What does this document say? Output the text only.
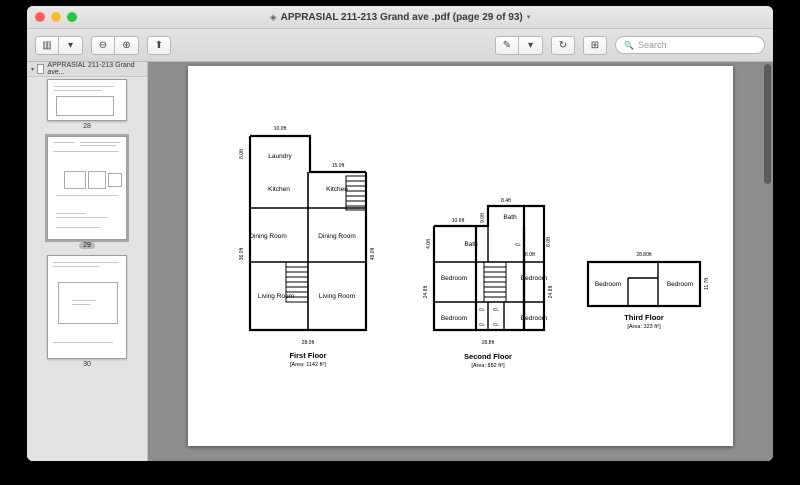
◈ APPRASIAL 211-213 Grand ave .pdf (page 29 of 93) ▾
▥	▾	⊖	⊕	⬆	✎	▾	↻	⊞	🔍 Search
▾
APPRASIAL 211-213 Grand ave...
28
29
30
Laundry
Kitchen	Kitchen
Dining Room	Dining Room
Living Room	Living Room
10.0ft
15.0ft
28.0ft
36.0ft	48.0ft
8.0ft
First Floor
[Area: 1142 ft²]
Bath
Bath
Bedroom	Bedroom
Bedroom	Bedroom
CL CL
CL CL
CL
8.4ft
10.6ft	9.0ft
4.0ft	8.0ft
6.0ft
28.8ft
24.8ft	24.8ft
Second Floor
[Area: 882 ft²]
Bedroom	Bedroom
28.80ft
11.7ft
Third Floor
[Area: 323 ft²]
